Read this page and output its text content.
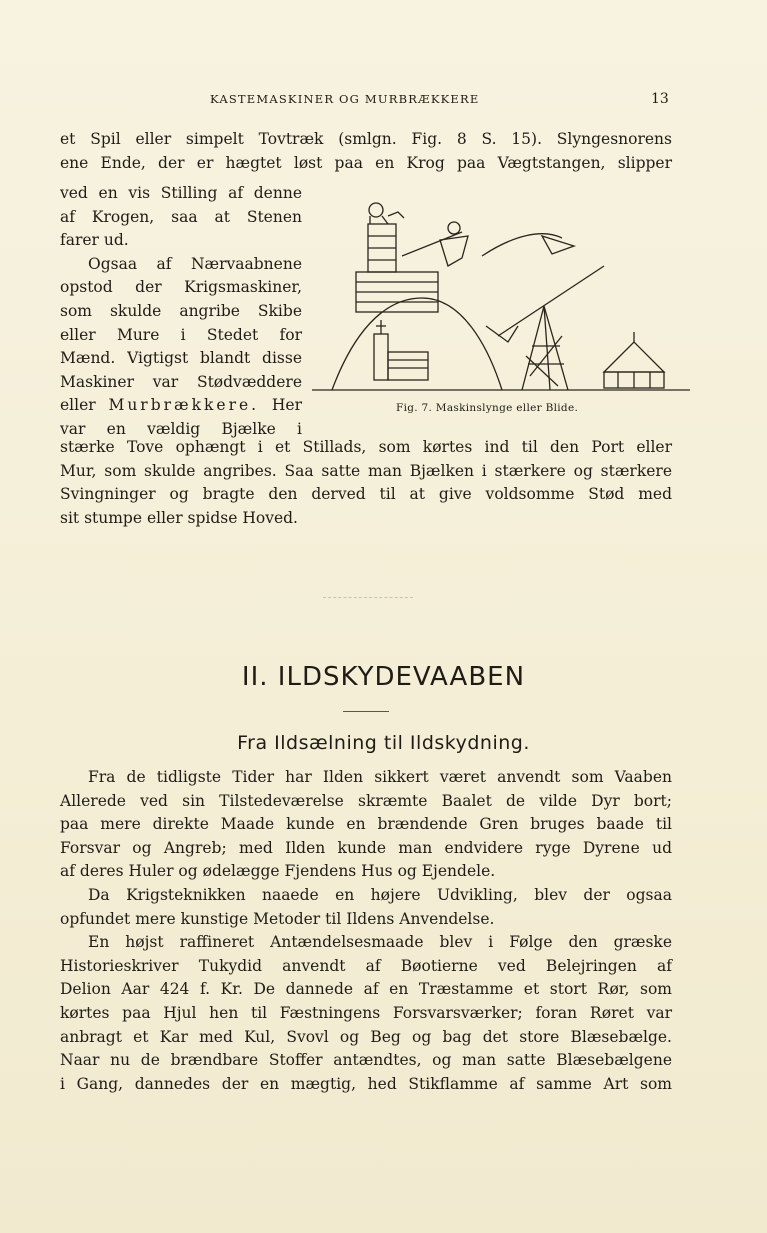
KASTEMASKINER OG MURBRÆKKERE	13
et Spil eller simpelt Tovtræk (smlgn. Fig. 8 S. 15). Slyngesnorens
ene Ende, der er hægtet løst paa en Krog paa Vægtstangen, slipper
ved en vis Stilling af denne
af Krogen, saa at Stenen
farer ud.
Ogsaa af Nærvaabnene
opstod der Krigsmaskiner,
som skulde angribe Skibe
eller Mure i Stedet for
Mænd. Vigtigst blandt disse
Maskiner var Stødvæddere
eller Murbrækkere. Her
var en vældig Bjælke i
Fig. 7. Maskinslynge eller Blide.
stærke Tove ophængt i et Stillads, som kørtes ind til den Port eller
Mur, som skulde angribes. Saa satte man Bjælken i stærkere og stærkere
Svingninger og bragte den derved til at give voldsomme Stød med
sit stumpe eller spidse Hoved.
II. ILDSKYDEVAABEN
Fra Ildsælning til Ildskydning.
Fra de tidligste Tider har Ilden sikkert været anvendt som Vaaben
Allerede ved sin Tilstedeværelse skræmte Baalet de vilde Dyr bort;
paa mere direkte Maade kunde en brændende Gren bruges baade til
Forsvar og Angreb; med Ilden kunde man endvidere ryge Dyrene ud
af deres Huler og ødelægge Fjendens Hus og Ejendele.
Da Krigsteknikken naaede en højere Udvikling, blev der ogsaa
opfundet mere kunstige Metoder til Ildens Anvendelse.
En højst raffineret Antændelsesmaade blev i Følge den græske
Historieskriver Tukydid anvendt af Bøotierne ved Belejringen af
Delion Aar 424 f. Kr. De dannede af en Træstamme et stort Rør, som
kørtes paa Hjul hen til Fæstningens Forsvarsværker; foran Røret var
anbragt et Kar med Kul, Svovl og Beg og bag det store Blæsebælge.
Naar nu de brændbare Stoffer antændtes, og man satte Blæsebælgene
i Gang, dannedes der en mægtig, hed Stikflamme af samme Art som
